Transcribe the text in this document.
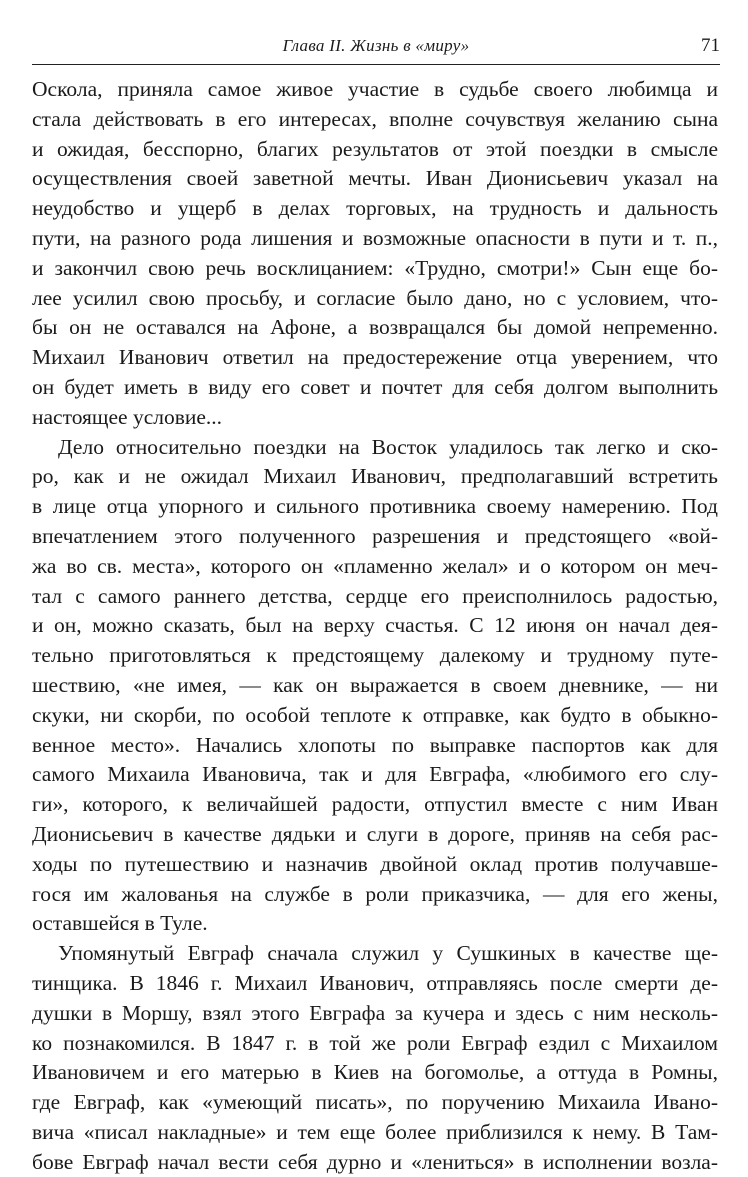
Глава II. Жизнь в «миру»	71
Оскола, приняла самое живое участие в судьбе своего любимца и
стала действовать в его интересах, вполне сочувствуя желанию сына
и ожидая, бесспорно, благих результатов от этой поездки в смысле
осуществления своей заветной мечты. Иван Дионисьевич указал на
неудобство и ущерб в делах торговых, на трудность и дальность
пути, на разного рода лишения и возможные опасности в пути и т. п.,
и закончил свою речь восклицанием: «Трудно, смотри!» Сын еще бо-
лее усилил свою просьбу, и согласие было дано, но с условием, что-
бы он не оставался на Афоне, а возвращался бы домой непременно.
Михаил Иванович ответил на предостережение отца уверением, что
он будет иметь в виду его совет и почтет для себя долгом выполнить
настоящее условие...
Дело относительно поездки на Восток уладилось так легко и ско-
ро, как и не ожидал Михаил Иванович, предполагавший встретить
в лице отца упорного и сильного противника своему намерению. Под
впечатлением этого полученного разрешения и предстоящего «вой-
жа во св. места», которого он «пламенно желал» и о котором он меч-
тал с самого раннего детства, сердце его преисполнилось радостью,
и он, можно сказать, был на верху счастья. С 12 июня он начал дея-
тельно приготовляться к предстоящему далекому и трудному путе-
шествию, «не имея, — как он выражается в своем дневнике, — ни
скуки, ни скорби, по особой теплоте к отправке, как будто в обыкно-
венное место». Начались хлопоты по выправке паспортов как для
самого Михаила Ивановича, так и для Евграфа, «любимого его слу-
ги», которого, к величайшей радости, отпустил вместе с ним Иван
Дионисьевич в качестве дядьки и слуги в дороге, приняв на себя рас-
ходы по путешествию и назначив двойной оклад против получавше-
гося им жалованья на службе в роли приказчика, — для его жены,
оставшейся в Туле.
Упомянутый Евграф сначала служил у Сушкиных в качестве ще-
тинщика. В 1846 г. Михаил Иванович, отправляясь после смерти де-
душки в Моршу, взял этого Евграфа за кучера и здесь с ним несколь-
ко познакомился. В 1847 г. в той же роли Евграф ездил с Михаилом
Ивановичем и его матерью в Киев на богомолье, а оттуда в Ромны,
где Евграф, как «умеющий писать», по поручению Михаила Ивано-
вича «писал накладные» и тем еще более приблизился к нему. В Там-
бове Евграф начал вести себя дурно и «лениться» в исполнении возла-
